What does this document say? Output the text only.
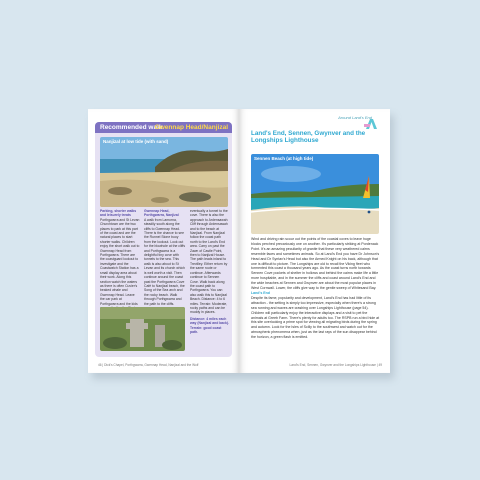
Recommended walk
Gwennap Head/Nanjizal
Nanjizal at low tide (with sand)
Parking, shorter walks and leisurely treats
Porthgwarra and St Levan Churchtown are the two places to park at this part of the coast and are the natural places to start shorter walks. Children enjoy the short walk out to Gwennap Head from Porthgwarra. There are the coastguard lookout to investigate and the Coastwatch Station has a small display area about their work. Along this section watch the waters as there is often Cuvier's beaked whale and Gwennap Head. Leave the car park at Porthgwarra and the kids
Gwennap Head, Porthgwarra, Nanjizal
A walk from Lamorna, steadily south along the cliffs to Gwennap Head. There is the chance to see the Runnel Stone buoy from the lookout. Look out for the blowhole at the cliffs and Porthgwarra is a delightful tiny cove with tunnels to the sea. This walk is also about to St Levan and its church which is well worth a visit. Then continue around the coast past the Porthgwarra Cove Café to Nanjizal beach, the Song of the Sea arch and the rocky beach. Walk through Porthgwarra and the path to the cliffs.
eventually a tunnel to the cove. There is also the approach to Ardensawah Cliff through Ardensawah and to the beach at Nanjizal. From Nanjizal follow the coast path north to the Land's End area. Carry on past the Zawn of Castle Point, then to Nanjizal House. The path leads inland to Trevilley. Either return by the same route or continue. Afterwards continue to Sennen Cove. Walk back along the coast path to Porthgwarra. You can also walk this to Nanjizal Beach. Distance: 4 to 6 miles. Terrain: Moderate, rocky paths and can be muddy in places.
Distance: 4 miles each way (Nanjizal and back). Terrain: good coast path.
46 | Dick's Chapel, Porthgwarra, Gwennap Head, Nanjizal and the Wolf
Around Land's End
Land's End, Sennen, Gwynver and the Longships Lighthouse
Sennen Beach (at high tide)
Wind and driving rain scour out the points of the coastal coves to leave huge blocks perched precariously one on another. It's particularly striking at Pordenack Point. It's an amazing peculiarity of granite that these very weathered cairns resemble faces and sometimes animals. So at Land's End you have Dr Johnson's Head and Dr Syntax's Head but also the Armed Knight on his back, although that one is difficult to picture. The Longships are old to recall the Viking fleet who tormented this coast a thousand years ago. As the coast turns north towards Sennen Cove pockets of shelter in hollows and behind the cairns make life a little more hospitable, and in the summer the cliffs and coast around Land's End and the wide beaches at Sennen and Gwynver are about the most popular places in West Cornwall. Lower, the cliffs give way to the gentle sweep of Whitesand Bay.
Land's End
Despite its fame, popularity and development, Land's End has had little of its attraction - the setting is simply too impressive, especially when there's a strong sea running and waves are crashing over Longships Lighthouse (page 54). Children will particularly enjoy the interactive displays and a visit to pet the animals at Greeb Farm. There's plenty for adults too. The RSPB run a bird hide at this site overlooking a prime spot for viewing all migrating birds during the spring and autumn. Look for the Isles of Scilly to the southwest and watch out for the atmospheric phenomena when, just as the last rays of the sun disappear behind the horizon, a green flash is emitted.
Land's End, Sennen, Gwynver and the Longships Lighthouse | 49
